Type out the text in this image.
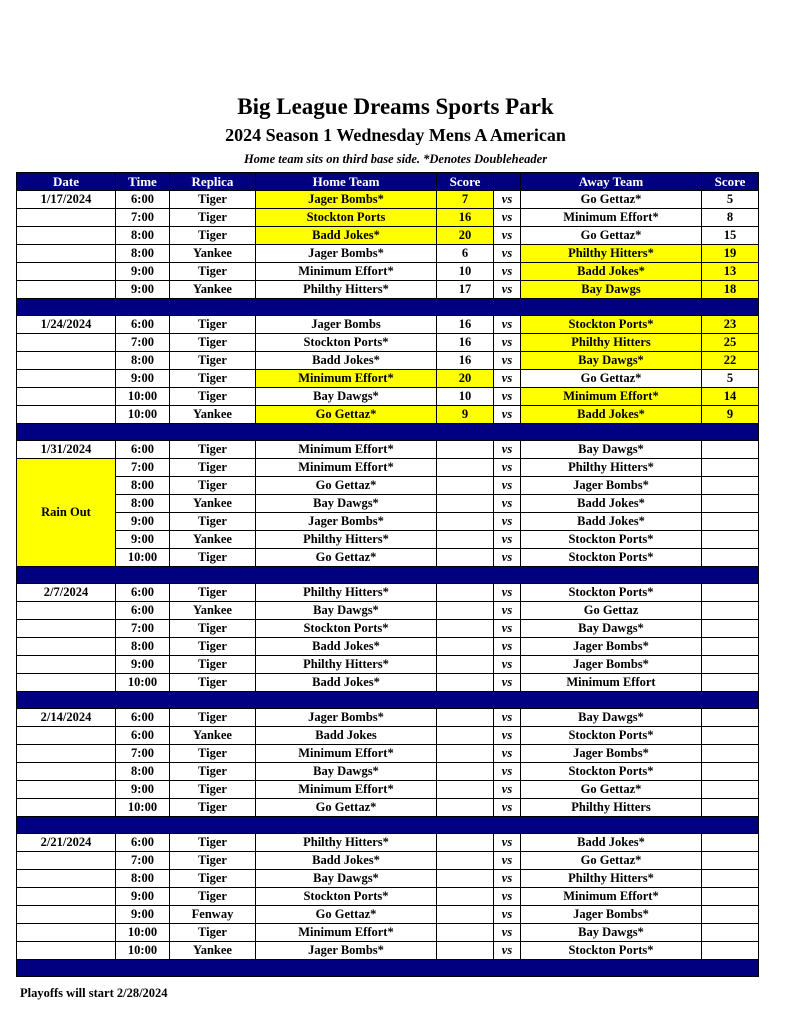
Big League Dreams Sports Park
2024 Season 1 Wednesday Mens A American
Home team sits on third base side. *Denotes Doubleheader
Date	Time	Replica	Home Team	Score		Away Team	Score
1/17/2024	6:00	Tiger	Jager Bombs*	7	vs	Go Gettaz*	5
	7:00	Tiger	Stockton Ports	16	vs	Minimum Effort*	8
	8:00	Tiger	Badd Jokes*	20	vs	Go Gettaz*	15
	8:00	Yankee	Jager Bombs*	6	vs	Philthy Hitters*	19
	9:00	Tiger	Minimum Effort*	10	vs	Badd Jokes*	13
	9:00	Yankee	Philthy Hitters*	17	vs	Bay Dawgs	18

1/24/2024	6:00	Tiger	Jager Bombs	16	vs	Stockton Ports*	23
	7:00	Tiger	Stockton Ports*	16	vs	Philthy Hitters	25
	8:00	Tiger	Badd Jokes*	16	vs	Bay Dawgs*	22
	9:00	Tiger	Minimum Effort*	20	vs	Go Gettaz*	5
	10:00	Tiger	Bay Dawgs*	10	vs	Minimum Effort*	14
	10:00	Yankee	Go Gettaz*	9	vs	Badd Jokes*	9

1/31/2024	6:00	Tiger	Minimum Effort*		vs	Bay Dawgs*	
Rain Out	7:00	Tiger	Minimum Effort*		vs	Philthy Hitters*	
	8:00	Tiger	Go Gettaz*		vs	Jager Bombs*	
	8:00	Yankee	Bay Dawgs*		vs	Badd Jokes*	
	9:00	Tiger	Jager Bombs*		vs	Badd Jokes*	
	9:00	Yankee	Philthy Hitters*		vs	Stockton Ports*	
	10:00	Tiger	Go Gettaz*		vs	Stockton Ports*	

2/7/2024	6:00	Tiger	Philthy Hitters*		vs	Stockton Ports*	
	6:00	Yankee	Bay Dawgs*		vs	Go Gettaz	
	7:00	Tiger	Stockton Ports*		vs	Bay Dawgs*	
	8:00	Tiger	Badd Jokes*		vs	Jager Bombs*	
	9:00	Tiger	Philthy Hitters*		vs	Jager Bombs*	
	10:00	Tiger	Badd Jokes*		vs	Minimum Effort	

2/14/2024	6:00	Tiger	Jager Bombs*		vs	Bay Dawgs*	
	6:00	Yankee	Badd Jokes		vs	Stockton Ports*	
	7:00	Tiger	Minimum Effort*		vs	Jager Bombs*	
	8:00	Tiger	Bay Dawgs*		vs	Stockton Ports*	
	9:00	Tiger	Minimum Effort*		vs	Go Gettaz*	
	10:00	Tiger	Go Gettaz*		vs	Philthy Hitters	

2/21/2024	6:00	Tiger	Philthy Hitters*		vs	Badd Jokes*	
	7:00	Tiger	Badd Jokes*		vs	Go Gettaz*	
	8:00	Tiger	Bay Dawgs*		vs	Philthy Hitters*	
	9:00	Tiger	Stockton Ports*		vs	Minimum Effort*	
	9:00	Fenway	Go Gettaz*		vs	Jager Bombs*	
	10:00	Tiger	Minimum Effort*		vs	Bay Dawgs*	
	10:00	Yankee	Jager Bombs*		vs	Stockton Ports*	

Playoffs will start 2/28/2024
